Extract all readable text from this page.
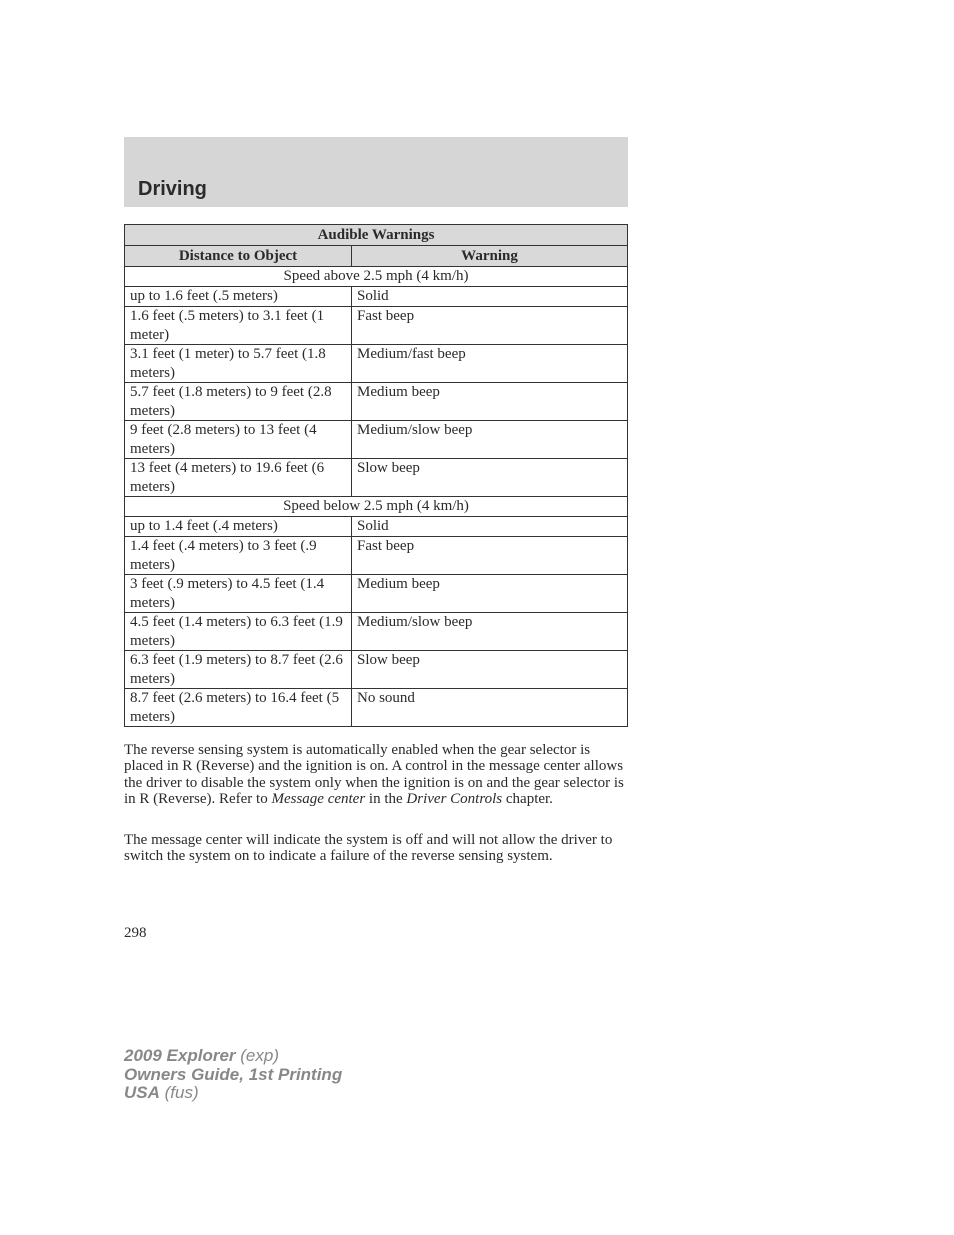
Driving
Audible Warnings	
Distance to Object	Warning
Speed above 2.5 mph (4 km/h)	
up to 1.6 feet (.5 meters)	Solid
1.6 feet (.5 meters) to 3.1 feet (1 meter)	Fast beep
3.1 feet (1 meter) to 5.7 feet (1.8 meters)	Medium/fast beep
5.7 feet (1.8 meters) to 9 feet (2.8 meters)	Medium beep
9 feet (2.8 meters) to 13 feet (4 meters)	Medium/slow beep
13 feet (4 meters) to 19.6 feet (6 meters)	Slow beep
Speed below 2.5 mph (4 km/h)	
up to 1.4 feet (.4 meters)	Solid
1.4 feet (.4 meters) to 3 feet (.9 meters)	Fast beep
3 feet (.9 meters) to 4.5 feet (1.4 meters)	Medium beep
4.5 feet (1.4 meters) to 6.3 feet (1.9 meters)	Medium/slow beep
6.3 feet (1.9 meters) to 8.7 feet (2.6 meters)	Slow beep
8.7 feet (2.6 meters) to 16.4 feet (5 meters)	No sound

The reverse sensing system is automatically enabled when the gear selector is placed in R (Reverse) and the ignition is on. A control in the message center allows the driver to disable the system only when the ignition is on and the gear selector is in R (Reverse). Refer to Message center in the Driver Controls chapter.

The message center will indicate the system is off and will not allow the driver to switch the system on to indicate a failure of the reverse sensing system.

298
2009 Explorer (exp)
Owners Guide, 1st Printing
USA (fus)
